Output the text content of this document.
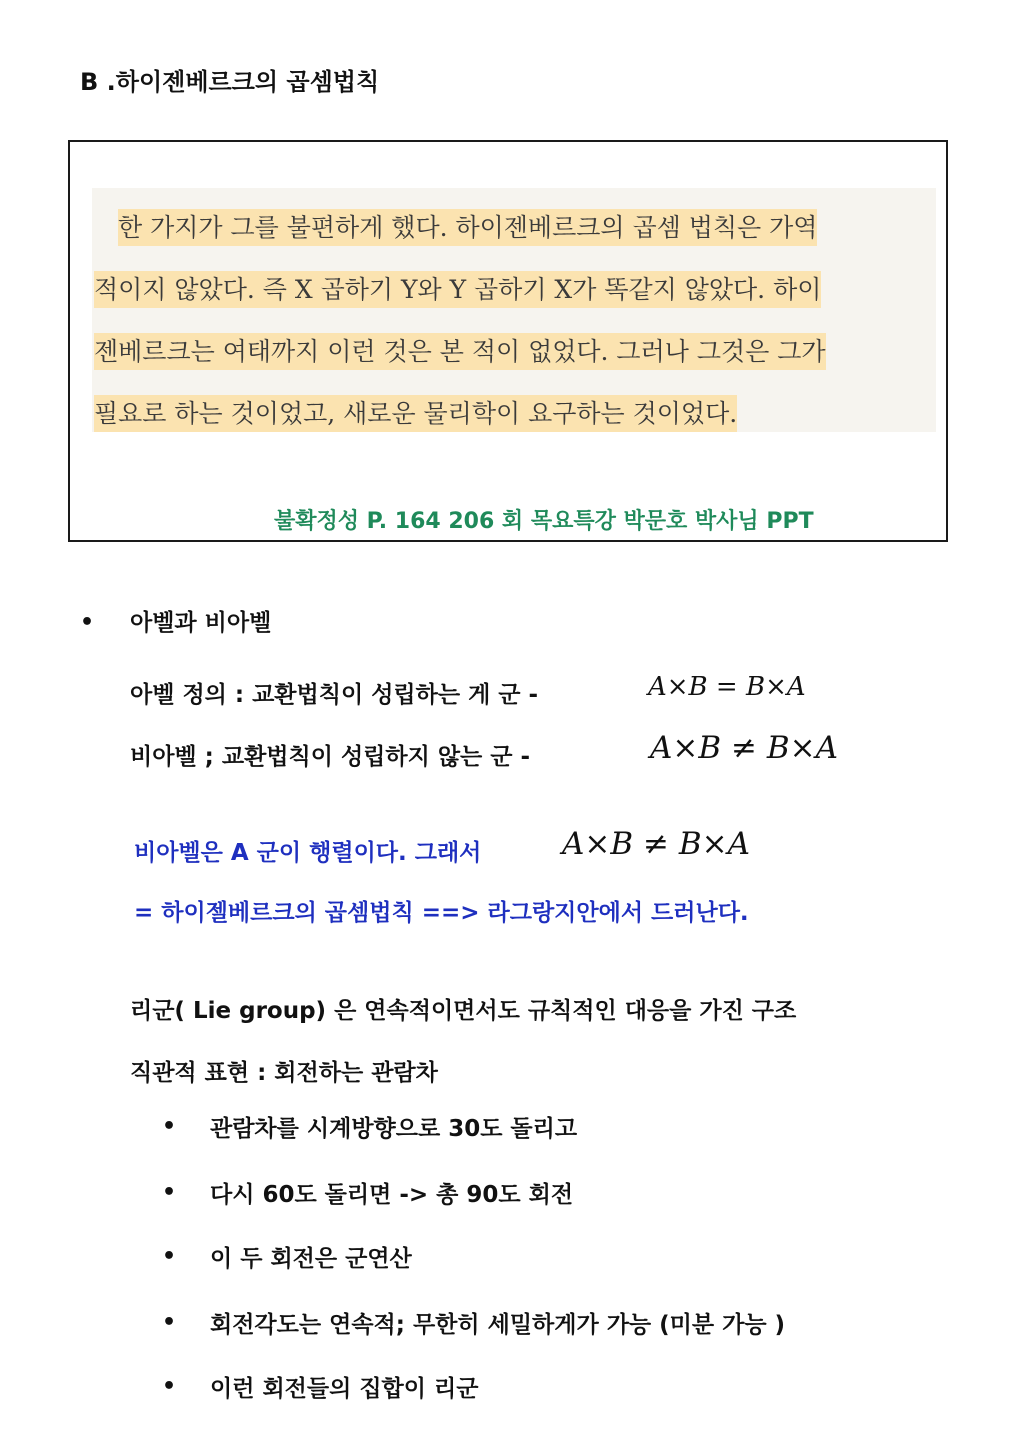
B .하이젠베르크의 곱셈법칙
한 가지가 그를 불편하게 했다. 하이젠베르크의 곱셈 법칙은 가역
적이지 않았다. 즉 X 곱하기 Y와 Y 곱하기 X가 똑같지 않았다. 하이
젠베르크는 여태까지 이런 것은 본 적이 없었다. 그러나 그것은 그가
필요로 하는 것이었고, 새로운 물리학이 요구하는 것이었다.
불확정성 P. 164 206 회 목요특강 박문호 박사님 PPT
• 아벨과 비아벨
아벨 정의 : 교환법칙이 성립하는 게 군 -	A×B = B×A
비아벨 ; 교환법칙이 성립하지 않는 군 -	A×B ≠ B×A
비아벨은 A 군이 행렬이다. 그래서	A×B ≠ B×A
= 하이젤베르크의 곱셈법칙 ==> 라그랑지안에서 드러난다.
리군( Lie group) 은 연속적이면서도 규칙적인 대응을 가진 구조
직관적 표현 : 회전하는 관람차
• 관람차를 시계방향으로 30도 돌리고
• 다시 60도 돌리면 -> 총 90도 회전
• 이 두 회전은 군연산
• 회전각도는 연속적; 무한히 세밀하게가 가능 (미분 가능 )
• 이런 회전들의 집합이 리군
